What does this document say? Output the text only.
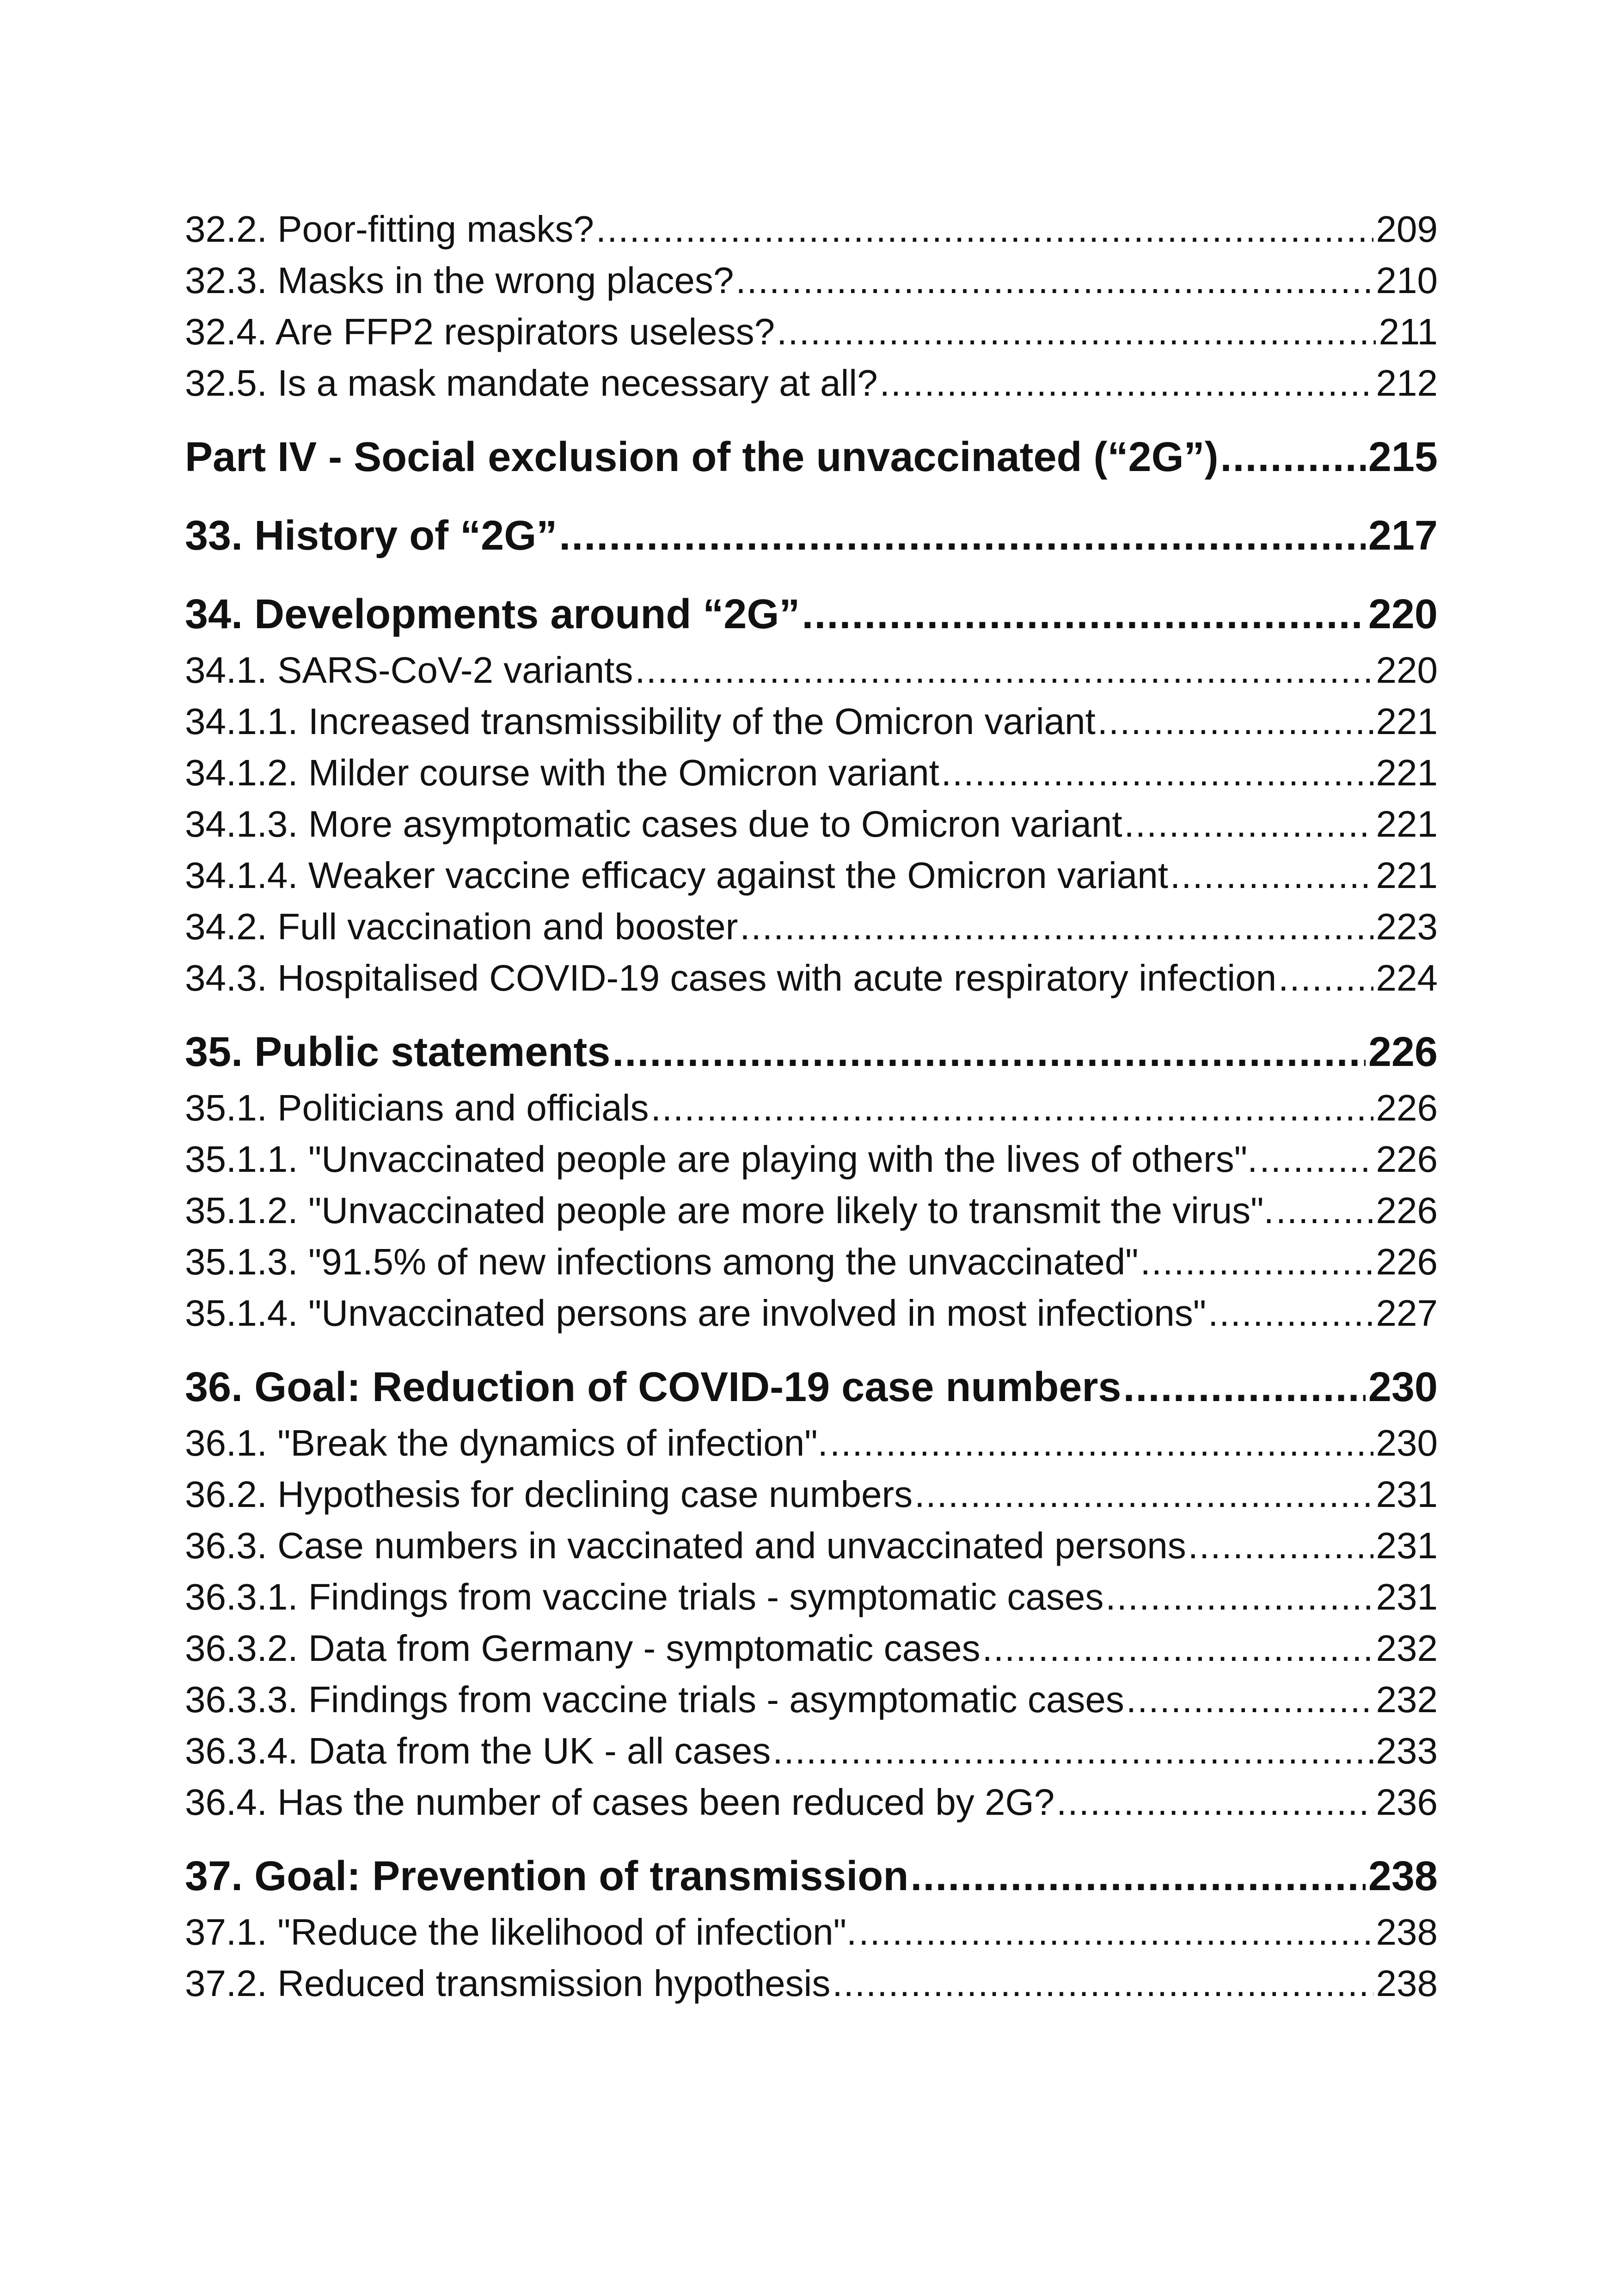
32.2. Poor-fitting masks? .....	209
32.3. Masks in the wrong places? .....	210
32.4. Are FFP2 respirators useless? .....	211
32.5. Is a mask mandate necessary at all? .....	212
Part IV - Social exclusion of the unvaccinated (“2G”) .....	215
33. History of “2G” .....	217
34. Developments around “2G” .....	220
34.1. SARS-CoV-2 variants .....	220
34.1.1. Increased transmissibility of the Omicron variant .....	221
34.1.2. Milder course with the Omicron variant .....	221
34.1.3. More asymptomatic cases due to Omicron variant .....	221
34.1.4. Weaker vaccine efficacy against the Omicron variant .....	221
34.2. Full vaccination and booster .....	223
34.3. Hospitalised COVID-19 cases with acute respiratory infection .....	224
35. Public statements .....	226
35.1. Politicians and officials .....	226
35.1.1. "Unvaccinated people are playing with the lives of others". .....	226
35.1.2. "Unvaccinated people are more likely to transmit the virus". .....	226
35.1.3. "91.5% of new infections among the unvaccinated" .....	226
35.1.4. "Unvaccinated persons are involved in most infections" .....	227
36. Goal: Reduction of COVID-19 case numbers .....	230
36.1. "Break the dynamics of infection". .....	230
36.2. Hypothesis for declining case numbers .....	231
36.3. Case numbers in vaccinated and unvaccinated persons .....	231
36.3.1. Findings from vaccine trials - symptomatic cases .....	231
36.3.2. Data from Germany - symptomatic cases .....	232
36.3.3. Findings from vaccine trials - asymptomatic cases .....	232
36.3.4. Data from the UK - all cases .....	233
36.4. Has the number of cases been reduced by 2G? .....	236
37. Goal: Prevention of transmission .....	238
37.1. "Reduce the likelihood of infection". .....	238
37.2. Reduced transmission hypothesis .....	238
